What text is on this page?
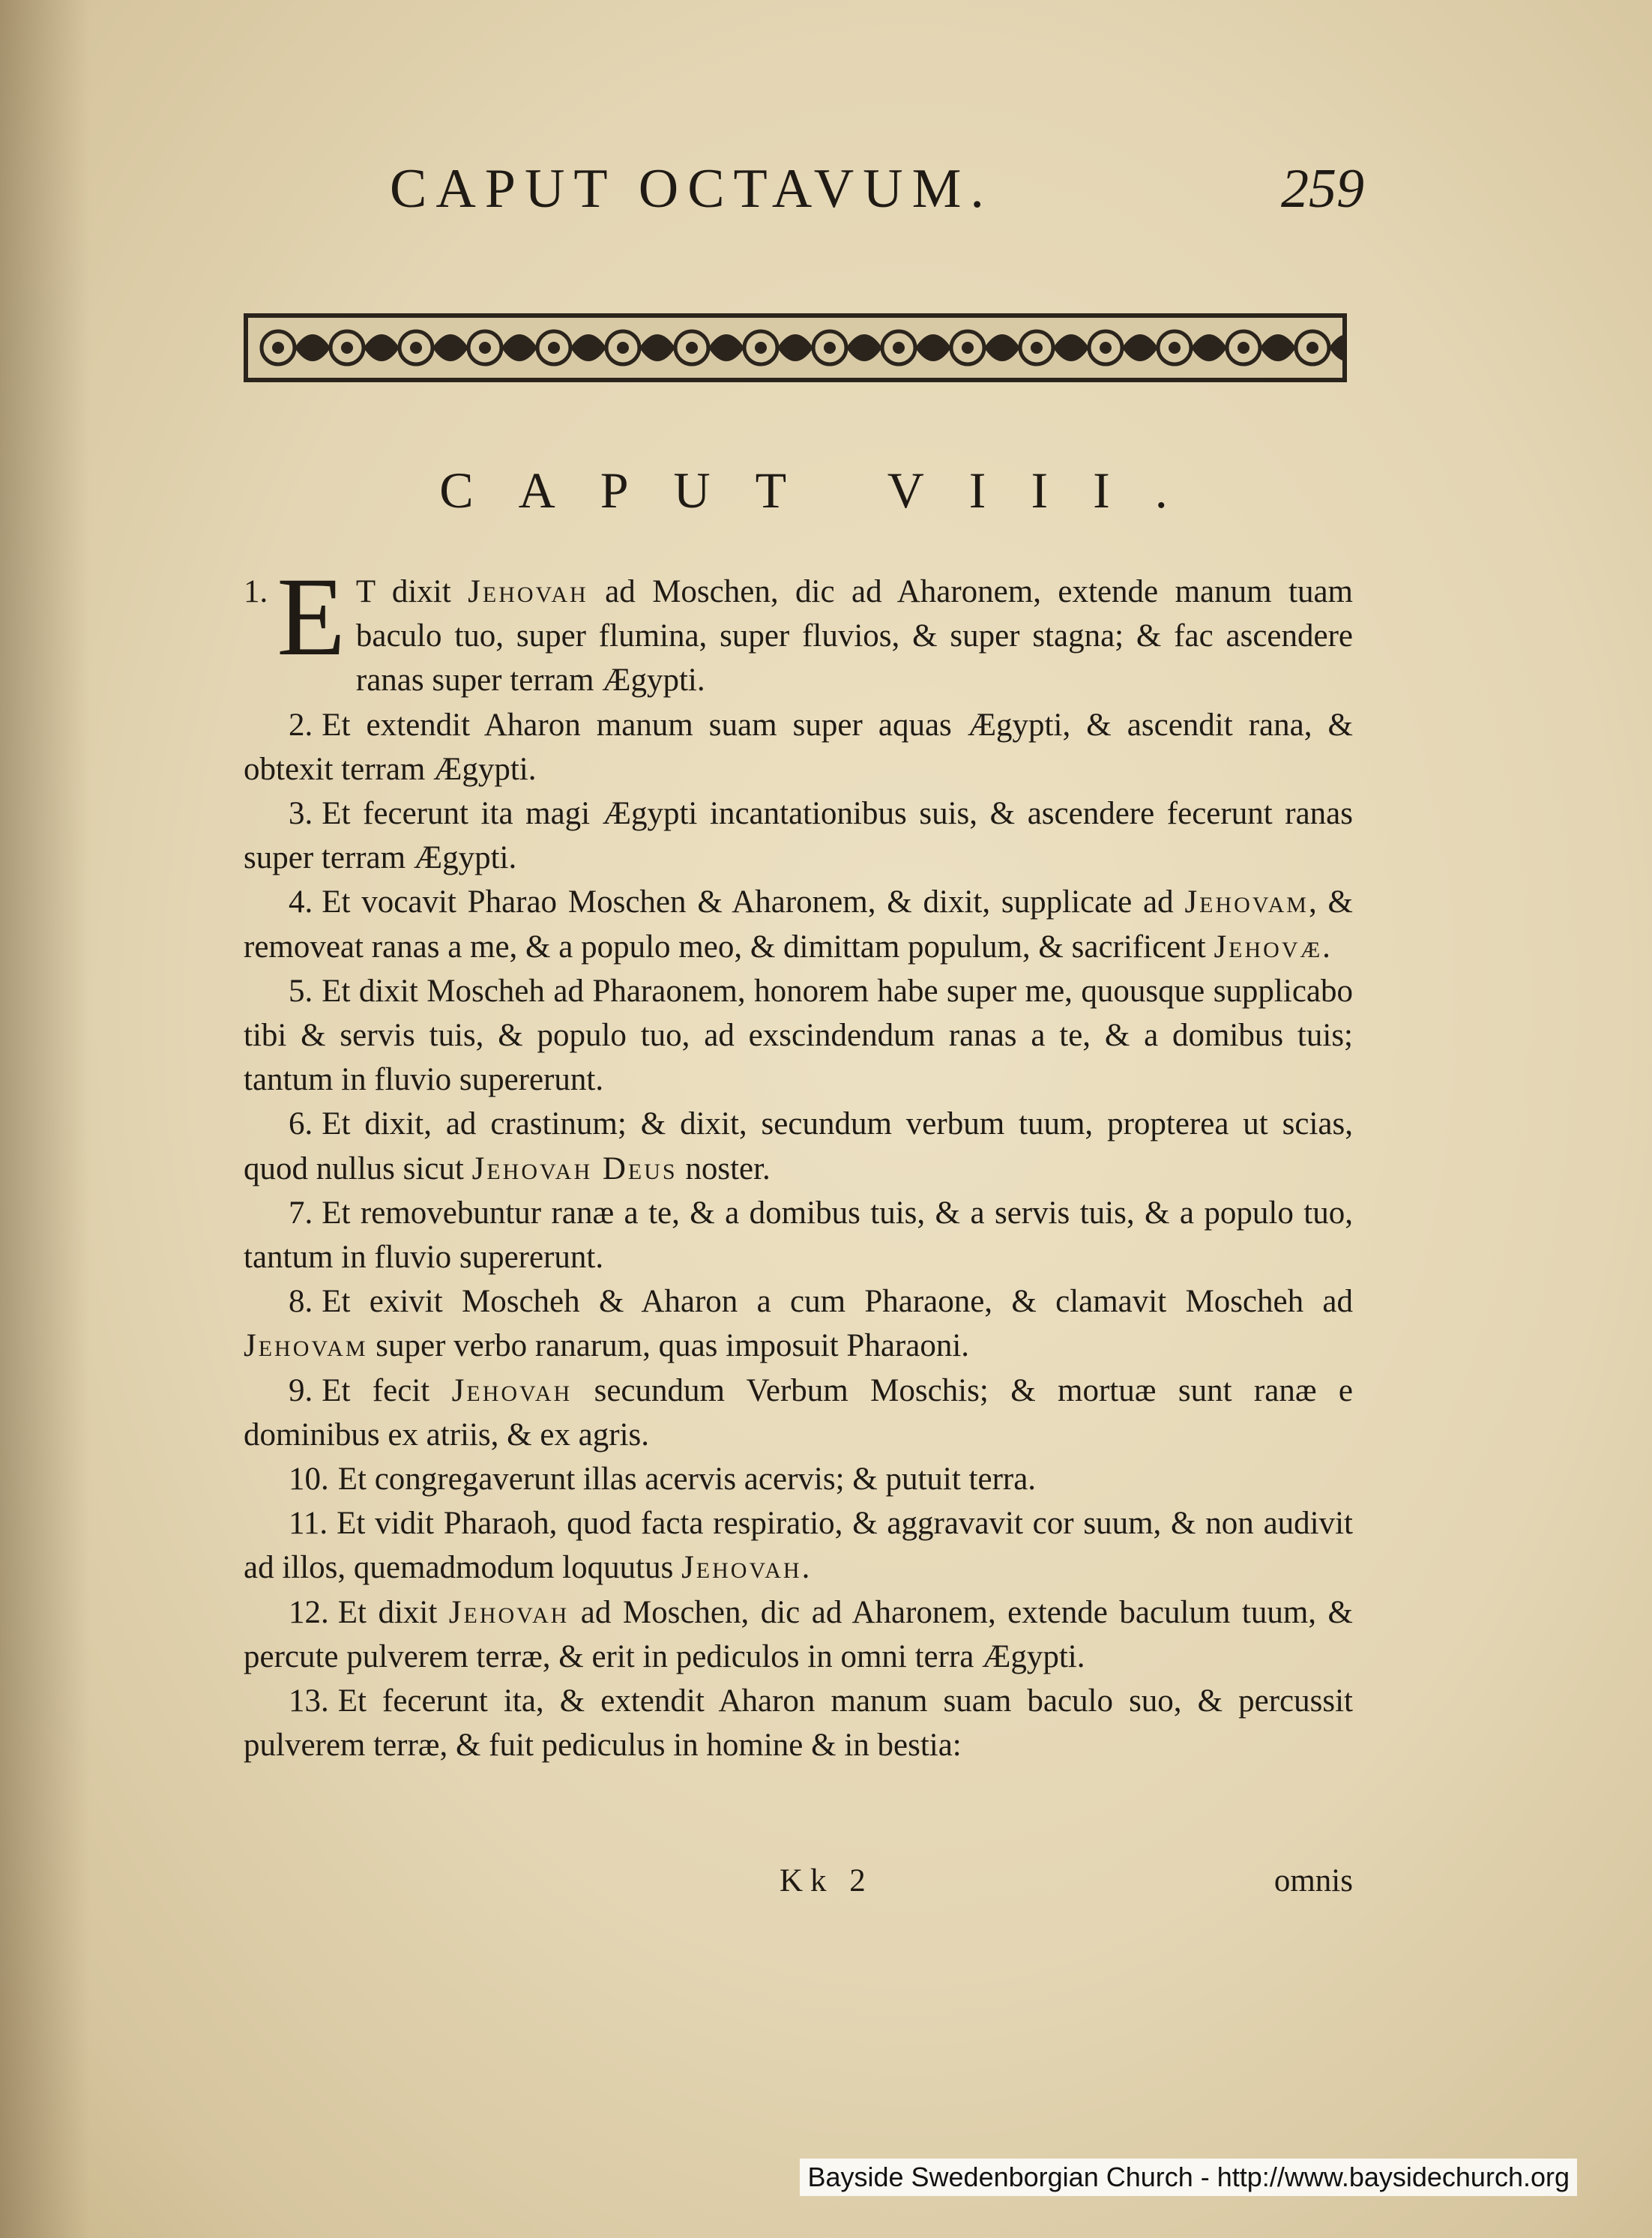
CAPUT OCTAVUM.	259
CAPUT VIII.

1. E T dixit Jehovah ad Moschen, dic ad Aharonem, extende manum tuam baculo tuo, super flumina, super fluvios, & super stagna; & fac ascendere ranas super terram Ægypti.

2. Et extendit Aharon manum suam super aquas Ægypti, & ascendit rana, & obtexit terram Ægypti.

3. Et fecerunt ita magi Ægypti incantationibus suis, & ascendere fecerunt ranas super terram Ægypti.

4. Et vocavit Pharao Moschen & Aharonem, & dixit, supplicate ad Jehovam, & removeat ranas a me, & a populo meo, & dimittam populum, & sacrificent Jehovæ.

5. Et dixit Moscheh ad Pharaonem, honorem habe super me, quousque supplicabo tibi & servis tuis, & populo tuo, ad exscindendum ranas a te, & a domibus tuis; tantum in fluvio supererunt.

6. Et dixit, ad crastinum; & dixit, secundum verbum tuum, propterea ut scias, quod nullus sicut Jehovah Deus noster.

7. Et removebuntur ranæ a te, & a domibus tuis, & a servis tuis, & a populo tuo, tantum in fluvio supererunt.

8. Et exivit Moscheh & Aharon a cum Pharaone, & clamavit Moscheh ad Jehovam super verbo ranarum, quas imposuit Pharaoni.

9. Et fecit Jehovah secundum Verbum Moschis; & mortuæ sunt ranæ e dominibus ex atriis, & ex agris.

10. Et congregaverunt illas acervis acervis; & putuit terra.

11. Et vidit Pharaoh, quod facta respiratio, & aggravavit cor suum, & non audivit ad illos, quemadmodum loquutus Jehovah.

12. Et dixit Jehovah ad Moschen, dic ad Aharonem, extende baculum tuum, & percute pulverem terræ, & erit in pediculos in omni terra Ægypti.

13. Et fecerunt ita, & extendit Aharon manum suam baculo suo, & percussit pulverem terræ, & fuit pediculus in homine & in bestia:

Kk 2	omnis
Bayside Swedenborgian Church - http://www.baysidechurch.org
